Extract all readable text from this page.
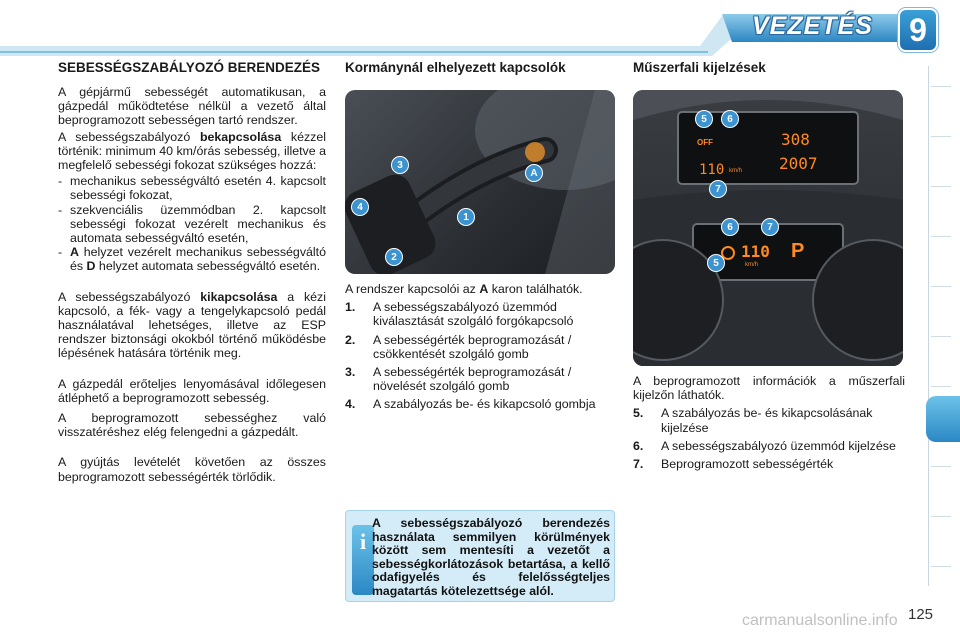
VEZETÉS 9
SEBESSÉGSZABÁLYOZÓ BERENDEZÉS

A gépjármű sebességét automatikusan, a gázpedál működtetése nélkül a vezető által beprogramozott sebességen tartó rendszer.

A sebességszabályozó bekapcsolása kézzel történik: minimum 40 km/órás sebesség, illetve a megfelelő sebességi fokozat szükséges hozzá:

- mechanikus sebességváltó esetén 4. kapcsolt sebességi fokozat,
- szekvenciális üzemmódban 2. kapcsolt sebességi fokozat vezérelt mechanikus és automata sebességváltó esetén,
- A helyzet vezérelt mechanikus sebességváltó és D helyzet automata sebességváltó esetén.

A sebességszabályozó kikapcsolása a kézi kapcsoló, a fék- vagy a tengelykapcsoló pedál használatával lehetséges, illetve az ESP rendszer biztonsági okokból történő működésbe lépésének hatására történik meg.

A gázpedál erőteljes lenyomásával időlegesen átléphető a beprogramozott sebesség.

A beprogramozott sebességhez való visszatéréshez elég felengedni a gázpedált.

A gyújtás levételét követően az összes beprogramozott sebességérték törlődik.

Kormánynál elhelyezett kapcsolók
3
4
1
2
A

A rendszer kapcsolói az A karon találhatók.

1.	A sebességszabályozó üzemmód kiválasztását szolgáló forgókapcsoló
2.	A sebességérték beprogramozását / csökkentését szolgáló gomb
3.	A sebességérték beprogramozását / növelését szolgáló gomb
4.	A szabályozás be- és kikapcsoló gombja
i
A sebességszabályozó berendezés használata semmilyen körülmények között sem mentesíti a vezetőt a sebességkorlátozások betartása, a kellő odafigyelés és felelősségteljes magatartás kötelezettsége alól.
Műszerfali kijelzések
OFF
110 km/h
308
2007
110
km/h
P
5	6
7
6	7
5

A beprogramozott információk a műszerfali kijelzőn láthatók.

5.	A szabályozás be- és kikapcsolásának kijelzése
6.	A sebességszabályozó üzemmód kijelzése
7.	Beprogramozott sebességérték
carmanualsonline.info 125
